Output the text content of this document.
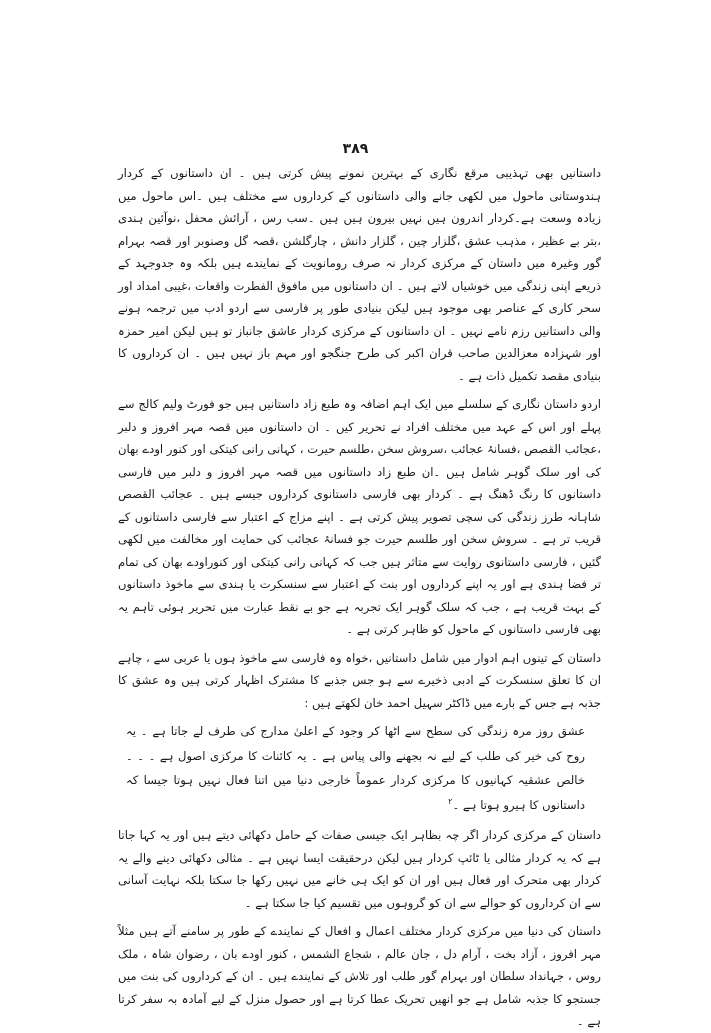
۳۸۹

داستانیں بھی تہذیبی مرقع نگاری کے بہترین نمونے پیش کرتی ہیں ۔ ان داستانوں کے کردار ہندوستانی ماحول میں لکھی جانے والی داستانوں کے کرداروں سے مختلف ہیں ۔اس ماحول میں زیادہ وسعت ہے۔کردار اندرون ہیں نہیں بیرون ہیں ہیں ۔سب رس ، آرائش محفل ،نوآئین ہندی ،بتر بے عظیر ، مذہب عشق ،گلزار چین ، گلزار دانش ، چارگلشن ،قصہ گل وصنوبر اور قصہ بہرام گور وغیرہ میں داستان کے مرکزی کردار نہ صرف رومانویت کے نمایندے ہیں بلکہ وہ جدوجہد کے ذریعے اپنی زندگی میں خوشیاں لاتے ہیں ۔ ان داستانوں میں مافوق الفطرت واقعات ،غیبی امداد اور سحر کاری کے عناصر بھی موجود ہیں لیکن بنیادی طور پر فارسی سے اردو ادب میں ترجمہ ہونے والی داستانیں رزم نامے نہیں ۔ ان داستانوں کے مرکزی کردار عاشق جانباز تو ہیں لیکن امیر حمزہ اور شہزادہ معزالدین صاحب قران اکبر کی طرح جنگجو اور مہم باز نہیں ہیں ۔ ان کرداروں کا بنیادی مقصد تکمیل ذات ہے ۔

اردو داستان نگاری کے سلسلے میں ایک اہم اضافہ وہ طبع زاد داستانیں ہیں جو فورٹ ولیم کالج سے پہلے اور اس کے عہد میں مختلف افراد نے تحریر کیں ۔ ان داستانوں میں قصہ مہر افروز و دلبر ،عجائب القصص ،فسانۂ عجائب ،سروش سخن ،طلسم حیرت ، کہانی رانی کیتکی اور کنور اودے بھان کی اور سلک گوہر شامل ہیں ۔ان طبع زاد داستانوں میں قصہ مہر افروز و دلبر میں فارسی داستانوں کا رنگ ڈھنگ ہے ۔ کردار بھی فارسی داستانوی کرداروں جیسے ہیں ۔ عجائب القصص شاہانہ طرز زندگی کی سچی تصویر پیش کرتی ہے ۔ اپنے مزاج کے اعتبار سے فارسی داستانوں کے قریب تر ہے ۔ سروش سخن اور طلسم حیرت جو فسانۂ عجائب کی حمایت اور مخالفت میں لکھی گئیں ، فارسی داستانوی روایت سے متاثر ہیں جب کہ کہانی رانی کیتکی اور کنوراودے بھان کی تمام تر فضا ہندی ہے اور یہ اپنے کرداروں اور بنت کے اعتبار سے سنسکرت یا ہندی سے ماخوذ داستانوں کے بہت قریب ہے ، جب کہ سلک گوہر ایک تجربہ ہے جو بے نقط عبارت میں تحریر ہوئی تاہم یہ بھی فارسی داستانوں کے ماحول کو ظاہر کرتی ہے ۔

داستان کے تینوں اہم ادوار میں شامل داستانیں ،خواہ وہ فارسی سے ماخوذ ہوں یا عربی سے ، چاہے ان کا تعلق سنسکرت کے ادبی ذخیرے سے ہو جس جذبے کا مشترک اظہار کرتی ہیں وہ عشق کا جذبہ ہے جس کے بارے میں ڈاکٹر سہیل احمد خان لکھتے ہیں :

عشق روز مرہ زندگی کی سطح سے اٹھا کر وجود کے اعلیٰ مدارج کی طرف لے جاتا ہے ۔ یہ روح کی خیر کی طلب کے لیے نہ بجھنے والی پیاس ہے ۔ یہ کائنات کا مرکزی اصول ہے ۔ ۔ ۔ خالص عشقیہ کہانیوں کا مرکزی کردار عموماً خارجی دنیا میں اتنا فعال نہیں ہوتا جیسا کہ داستانوں کا ہیرو ہوتا ہے ۔$^۲$

داستان کے مرکزی کردار اگر چہ بظاہر ایک جیسی صفات کے حامل دکھائی دیتے ہیں اور یہ کہا جاتا ہے کہ یہ کردار مثالی یا ٹائپ کردار ہیں لیکن درحقیقت ایسا نہیں ہے ۔ مثالی دکھائی دینے والے یہ کردار بھی متحرک اور فعال ہیں اور ان کو ایک ہی خانے میں نہیں رکھا جا سکتا بلکہ نہایت آسانی سے ان کرداروں کو حوالے سے ان کو گروہوں میں تقسیم کیا جا سکتا ہے ۔

داستان کی دنیا میں مرکزی کردار مختلف اعمال و افعال کے نمایندے کے طور پر سامنے آتے ہیں مثلاً مہر افروز ، آزاد بخت ، آرام دل ، جان عالم ، شجاع الشمس ، کنور اودے بان ، رضوان شاہ ، ملک روس ، جہانداد سلطان اور بہرام گور طلب اور تلاش کے نمایندے ہیں ۔ ان کے کرداروں کی بنت میں جستجو کا جذبہ شامل ہے جو انھیں تحریک عطا کرتا ہے اور حصول منزل کے لیے آمادہ بہ سفر کرتا ہے ۔
